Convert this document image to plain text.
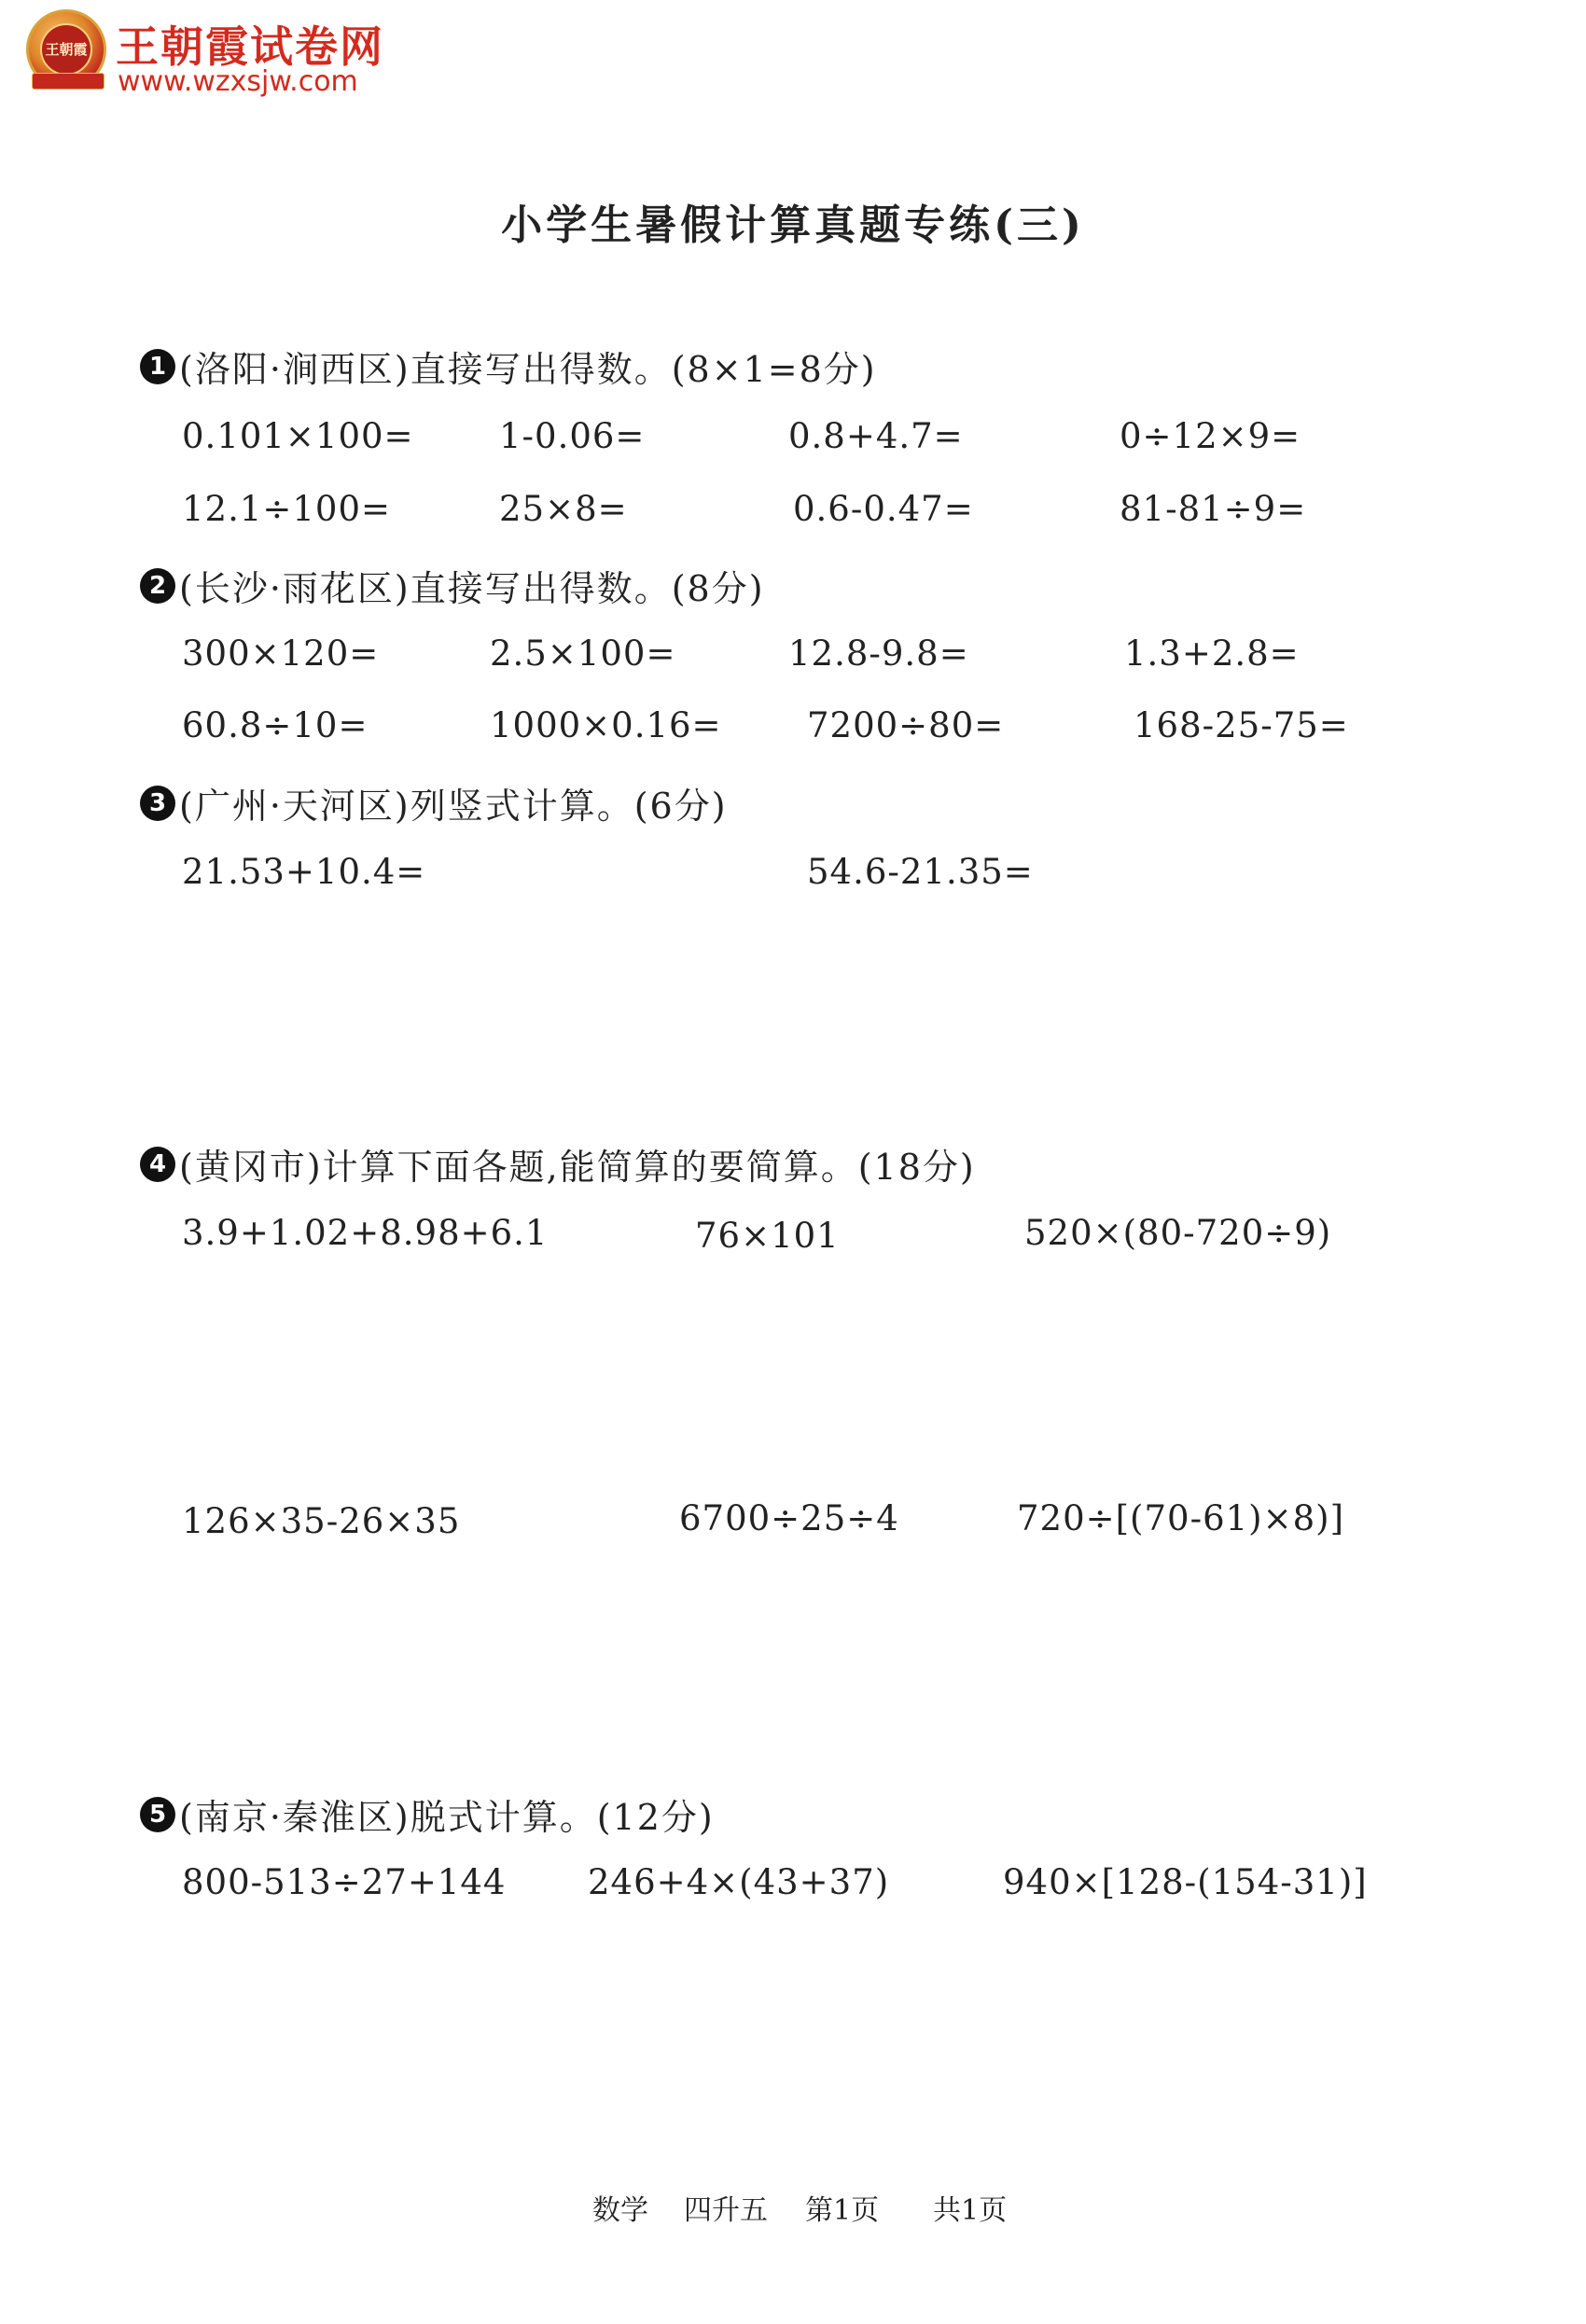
王朝霞 王朝霞试卷网
www.wzxsjw.com
小学生暑假计算真题专练(三)
1 (洛阳·涧西区)直接写出得数。(8×1=8分)
0.101×100= 1-0.06=	0.8+4.7=	0÷12×9=
12.1÷100=	25×8=	0.6-0.47=	81-81÷9=
2 (长沙·雨花区)直接写出得数。(8分)
300×120=	2.5×100=	12.8-9.8=	1.3+2.8=
60.8÷10=	1000×0.16= 7200÷80=	168-25-75=
3 (广州·天河区)列竖式计算。(6分)
21.53+10.4=	54.6-21.35=
4 (黄冈市)计算下面各题,能简算的要简算。(18分)
3.9+1.02+8.98+6.1	76×101	520×(80-720÷9)
126×35-26×35	6700÷25÷4	720÷[(70-61)×8)]
5 (南京·秦淮区)脱式计算。(12分)
800-513÷27+144 246+4×(43+37)	940×[128-(154-31)]
数学 四升五 第1页 共1页
